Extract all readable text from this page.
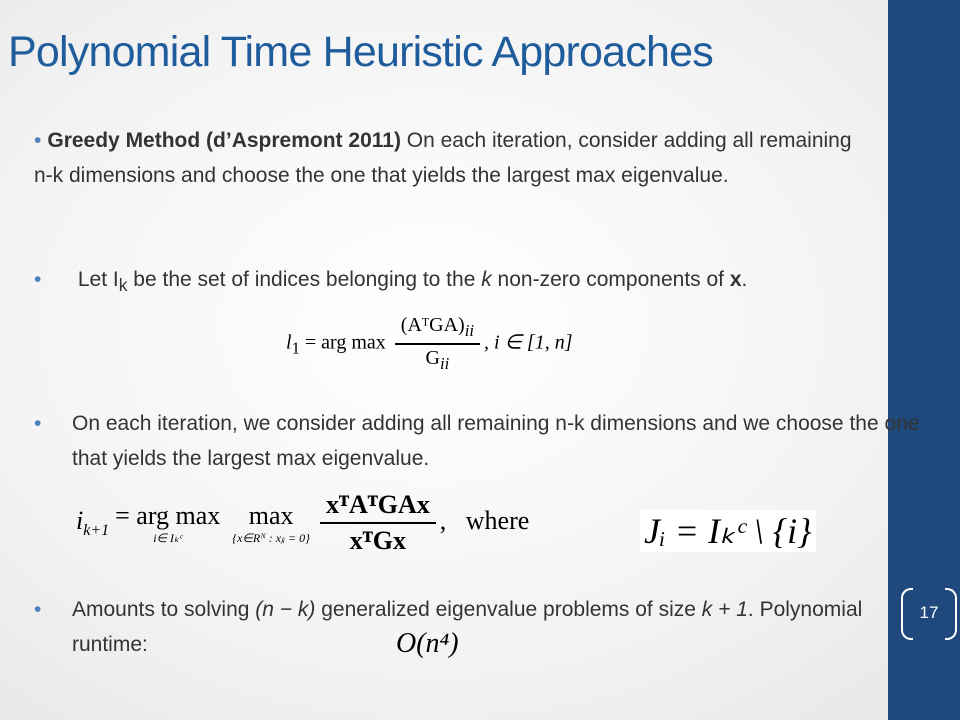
17
Polynomial Time Heuristic Approaches
• Greedy Method (d’Aspremont 2011) On each iteration, consider adding all remaining n-k dimensions and choose the one that yields the largest max eigenvalue.
• Let $I_k$ be the set of indices belonging to the k non-zero components of x.
$l_1$ = arg $\max \frac{(AᵀGA)_{ii}}{G_{ii}}$ , i ∈ [1, n]
• On each iteration, we consider adding all remaining n-k dimensions and we choose the one that yields the largest max eigenvalue.
$i_{k+1}$
= arg max
i∈ Iₖᶜ
max
{x∈Rᴺ : xⱼᵢ = $0\} \frac{\text{xᵀAᵀGAx}}{\text{xᵀGx}}$ , where	Jᵢ = Iₖᶜ \ {i}
• Amounts to solving (n − k) generalized eigenvalue problems of size k + 1. Polynomial runtime:	O(n⁴)
